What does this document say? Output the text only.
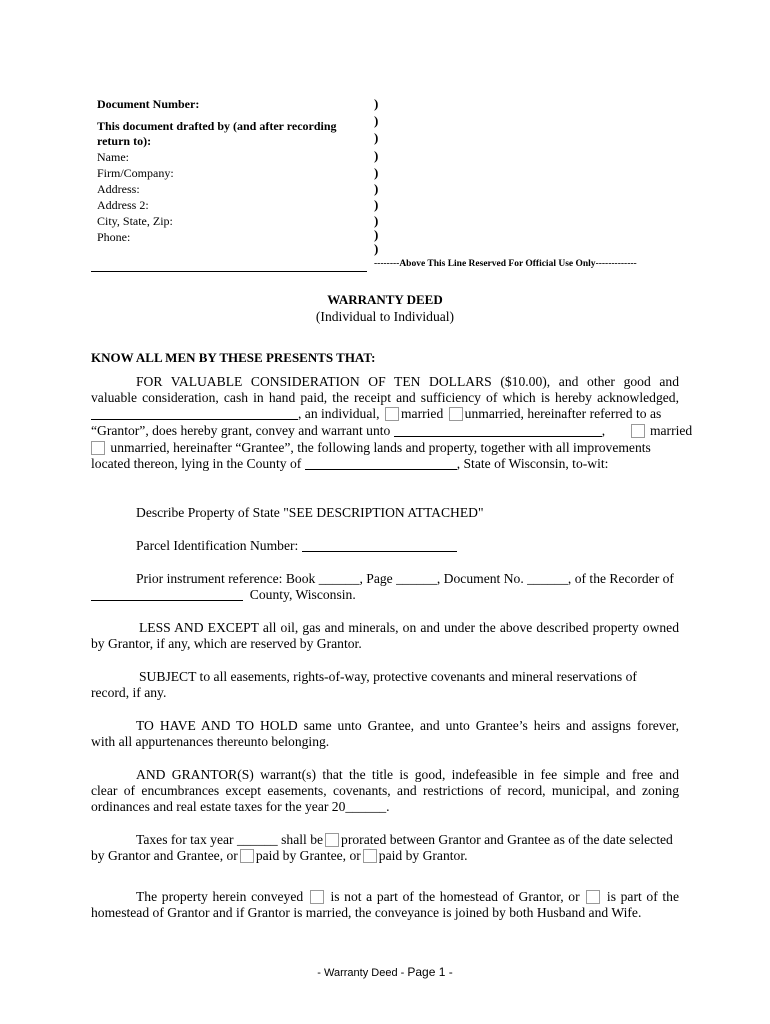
Document Number:
This document drafted by (and after recording
return to):
Name:
Firm/Company:
Address:
Address 2:
City, State, Zip:
Phone:
)
)
)
)
)
)
)
)
)
)
--------Above This Line Reserved For Official Use Only-------------
WARRANTY DEED
(Individual to Individual)
KNOW ALL MEN BY THESE PRESENTS THAT:
FOR VALUABLE CONSIDERATION OF TEN DOLLARS ($10.00), and other good and
valuable consideration, cash in hand paid, the receipt and sufficiency of which is hereby acknowledged,
, an individual, married unmarried, hereinafter referred to as
“Grantor”, does hereby grant, convey and warrant unto	,	married
unmarried, hereinafter “Grantee”, the following lands and property, together with all improvements
located thereon, lying in the County of	, State of Wisconsin, to-wit:
Describe Property of State "SEE DESCRIPTION ATTACHED"
Parcel Identification Number:
Prior instrument reference: Book ______, Page ______, Document No. ______, of the Recorder of
County, Wisconsin.
LESS AND EXCEPT all oil, gas and minerals, on and under the above described property owned
by Grantor, if any, which are reserved by Grantor.
SUBJECT to all easements, rights-of-way, protective covenants and mineral reservations of
record, if any.
TO HAVE AND TO HOLD same unto Grantee, and unto Grantee’s heirs and assigns forever,
with all appurtenances thereunto belonging.
AND GRANTOR(S) warrant(s) that the title is good, indefeasible in fee simple and free and
clear of encumbrances except easements, covenants, and restrictions of record, municipal, and zoning
ordinances and real estate taxes for the year 20______.
Taxes for tax year ______ shall be prorated between Grantor and Grantee as of the date selected
by Grantor and Grantee, or paid by Grantee, or paid by Grantor.
The property herein conveyed is not a part of the homestead of Grantor, or is part of the
homestead of Grantor and if Grantor is married, the conveyance is joined by both Husband and Wife.
- Warranty Deed - Page 1 -
